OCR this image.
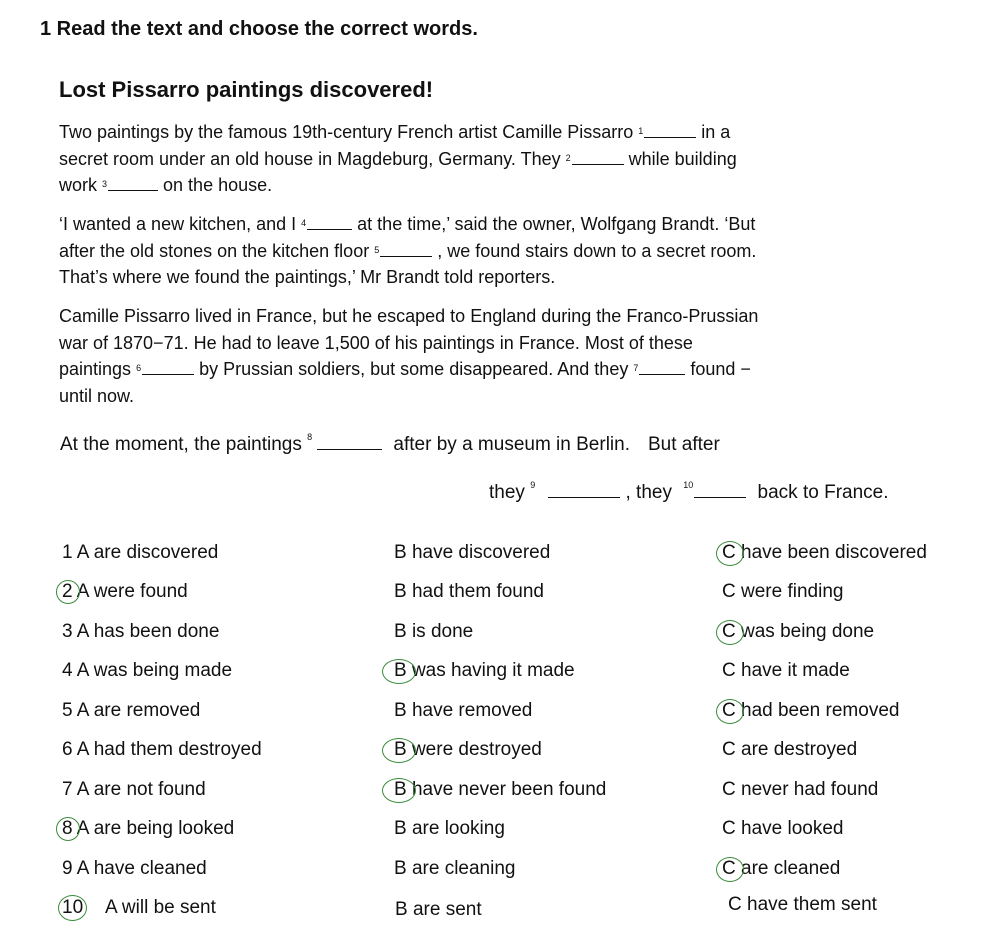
1 Read the text and choose the correct words.
Lost Pissarro paintings discovered!
Two paintings by the famous 19th-century French artist Camille Pissarro $^1$	in a
secret room under an old house in Magdeburg, Germany. They $^2$	while building
work $^3$	on the house.
‘I wanted a new kitchen, and I $^4$	at the time,’ said the owner, Wolfgang Brandt. ‘But
after the old stones on the kitchen floor $^5$	, we found stairs down to a secret room.
That’s where we found the paintings,’ Mr Brandt told reporters.
Camille Pissarro lived in France, but he escaped to England during the Franco-Prussian
war of 1870−71. He had to leave 1,500 of his paintings in France. Most of these
paintings $^6$	by Prussian soldiers, but some disappeared. And they $^7$	found −
until now.
At the moment, the paintings $^8$	after by a museum in Berlin. But after
they $^9$	, they $^{10}$	back to France.
1 A are discovered	B have discovered	C have been discovered
2 A were found	B had them found	C were finding
3 A has been done	B is done	C was being done
4 A was being made	B was having it made	C have it made
5 A are removed	B have removed	C had been removed
6 A had them destroyed	B were destroyed	C are destroyed
7 A are not found	B have never been found	C never had found
8 A are being looked	B are looking	C have looked
9 A have cleaned	B are cleaning	C are cleaned
10 A will be sent	B are sent	C have them sent
